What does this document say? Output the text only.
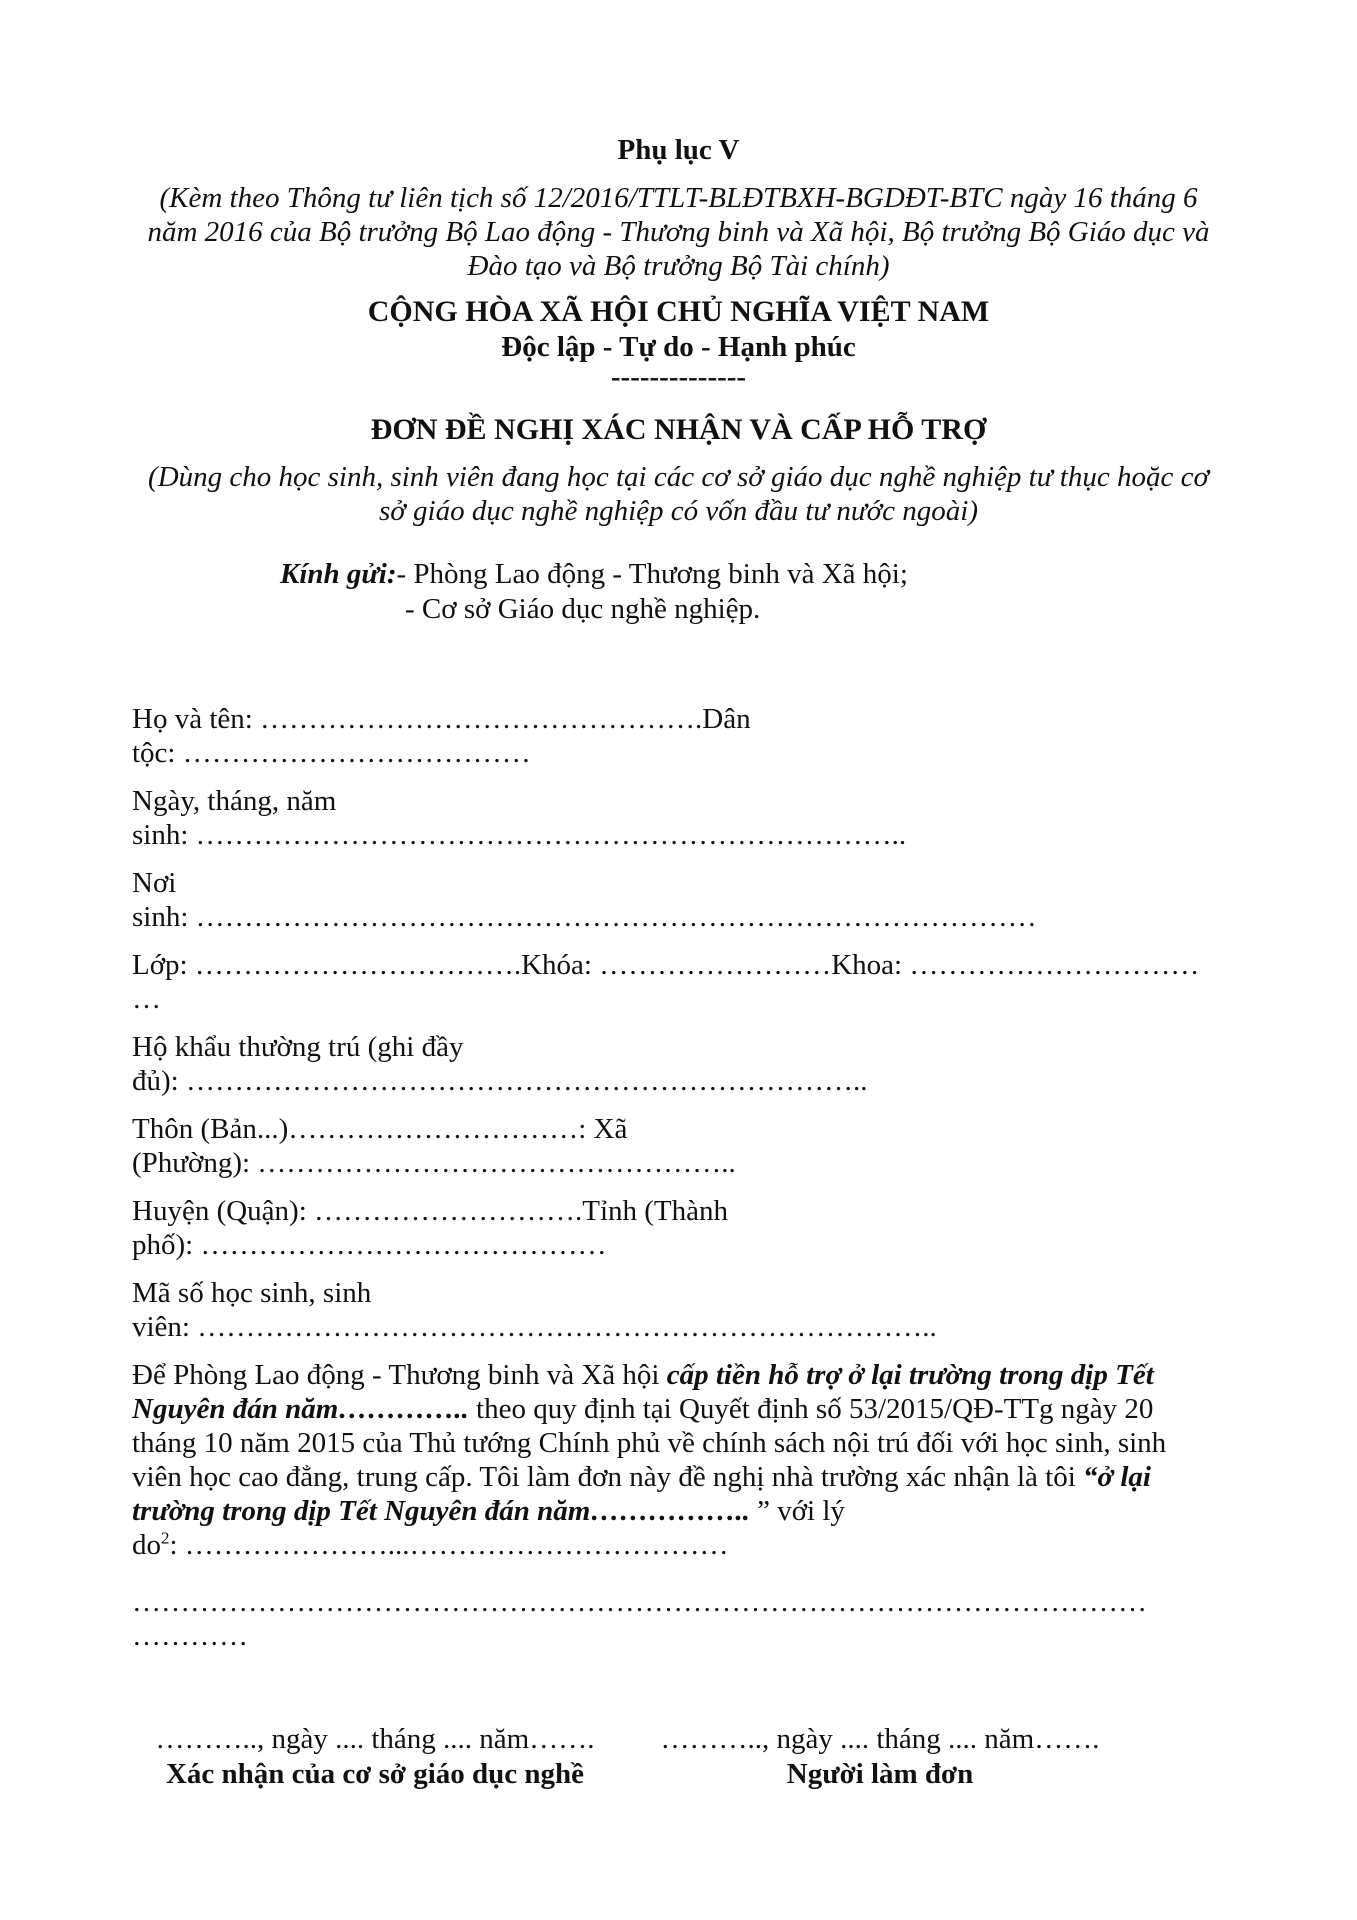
Phụ lục V
(Kèm theo Thông tư liên tịch số 12/2016/TTLT-BLĐTBXH-BGDĐT-BTC ngày 16 tháng 6
năm 2016 của Bộ trưởng Bộ Lao động - Thương binh và Xã hội, Bộ trưởng Bộ Giáo dục và
Đào tạo và Bộ trưởng Bộ Tài chính)
CỘNG HÒA XÃ HỘI CHỦ NGHĨA VIỆT NAM
Độc lập - Tự do - Hạnh phúc
--------------
ĐƠN ĐỀ NGHỊ XÁC NHẬN VÀ CẤP HỖ TRỢ
(Dùng cho học sinh, sinh viên đang học tại các cơ sở giáo dục nghề nghiệp tư thục hoặc cơ
sở giáo dục nghề nghiệp có vốn đầu tư nước ngoài)
Kính gửi:- Phòng Lao động - Thương binh và Xã hội;
- Cơ sở Giáo dục nghề nghiệp.
Họ và tên: ……………………………………….Dân
tộc: ………………………………
Ngày, tháng, năm
sinh: ………………………………………………………………..
Nơi
sinh: ……………………………………………………………………………
Lớp: …………………………….Khóa: ……………………Khoa: …………………………
…
Hộ khẩu thường trú (ghi đầy
đủ): ……………………………………………………………..
Thôn (Bản...)…………………………: Xã
(Phường): …………………………………………..
Huyện (Quận): ……………………….Tỉnh (Thành
phố): ……………………………………
Mã số học sinh, sinh
viên: …………………………………………………………………..
Để Phòng Lao động - Thương binh và Xã hội cấp tiền hỗ trợ ở lại trường trong dịp Tết
Nguyên đán năm………….. theo quy định tại Quyết định số 53/2015/QĐ-TTg ngày 20
tháng 10 năm 2015 của Thủ tướng Chính phủ về chính sách nội trú đối với học sinh, sinh
viên học cao đẳng, trung cấp. Tôi làm đơn này đề nghị nhà trường xác nhận là tôi “ở lại
trường trong dịp Tết Nguyên đán năm…………….. ” với lý
$do^2$: …………………...……………………………
……………………………………………………………………………………………
…………
……….., ngày .... tháng .... năm…….
Xác nhận của cơ sở giáo dục nghề
……….., ngày .... tháng .... năm…….
Người làm đơn
